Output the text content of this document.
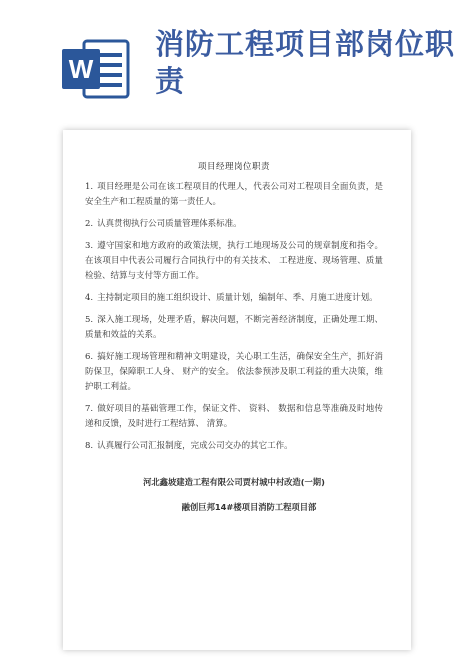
W
消防工程项目部岗位职责
项目经理岗位职责
1. 项目经理是公司在该工程项目的代理人，代表公司对工程项目全面负责，是安全生产和工程质量的第一责任人。
2. 认真贯彻执行公司质量管理体系标准。
3. 遵守国家和地方政府的政策法规，执行工地现场及公司的规章制度和指令。 在该项目中代表公司履行合同执行中的有关技术、 工程进度、现场管理、质量检验、结算与支付等方面工作。
4. 主持制定项目的施工组织设计、质量计划，编制年、季、月施工进度计划。
5. 深入施工现场，处理矛盾，解决问题，不断完善经济制度，正确处理工期、质量和效益的关系。
6. 搞好施工现场管理和精神文明建设，关心职工生活，确保安全生产，抓好消防保卫，保障职工人身、 财产的安全。 依法参预涉及职工利益的重大决策，维护职工利益。
7. 做好项目的基础管理工作，保证文件、 资料、 数据和信息等准确及时地传递和反馈，及时进行工程结算、 清算。
8. 认真履行公司汇报制度，完成公司交办的其它工作。
河北鑫坡建造工程有限公司贾村城中村改造(一期)
融创巨邦14#楼项目消防工程项目部
